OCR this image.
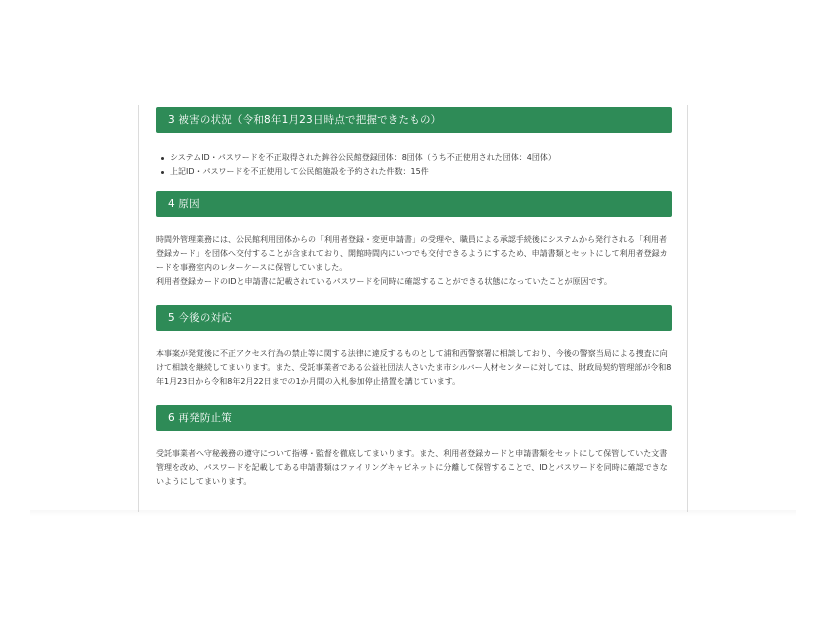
3 被害の状況（令和8年1月23日時点で把握できたもの）
システムID・パスワードを不正取得された鉾谷公民館登録団体：8団体（うち不正使用された団体：4団体）
上記ID・パスワードを不正使用して公民館施設を予約された件数：15件
4 原因

時間外管理業務には、公民館利用団体からの「利用者登録・変更申請書」の受理や、職員による承認手続後にシステムから発行される「利用者登録カード」を団体へ交付することが含まれており、開館時間内にいつでも交付できるようにするため、申請書類とセットにして利用者登録カードを事務室内のレターケースに保管していました。

利用者登録カードのIDと申請書に記載されているパスワードを同時に確認することができる状態になっていたことが原因です。

5 今後の対応

本事案が発覚後に不正アクセス行為の禁止等に関する法律に違反するものとして浦和西警察署に相談しており、今後の警察当局による捜査に向けて相談を継続してまいります。また、受託事業者である公益社団法人さいたま市シルバー人材センターに対しては、財政局契約管理部が令和8年1月23日から令和8年2月22日までの1か月間の入札参加停止措置を講じています。

6 再発防止策

受託事業者へ守秘義務の遵守について指導・監督を徹底してまいります。また、利用者登録カードと申請書類をセットにして保管していた文書管理を改め、パスワードを記載してある申請書類はファイリングキャビネットに分離して保管することで、IDとパスワードを同時に確認できないようにしてまいります。
